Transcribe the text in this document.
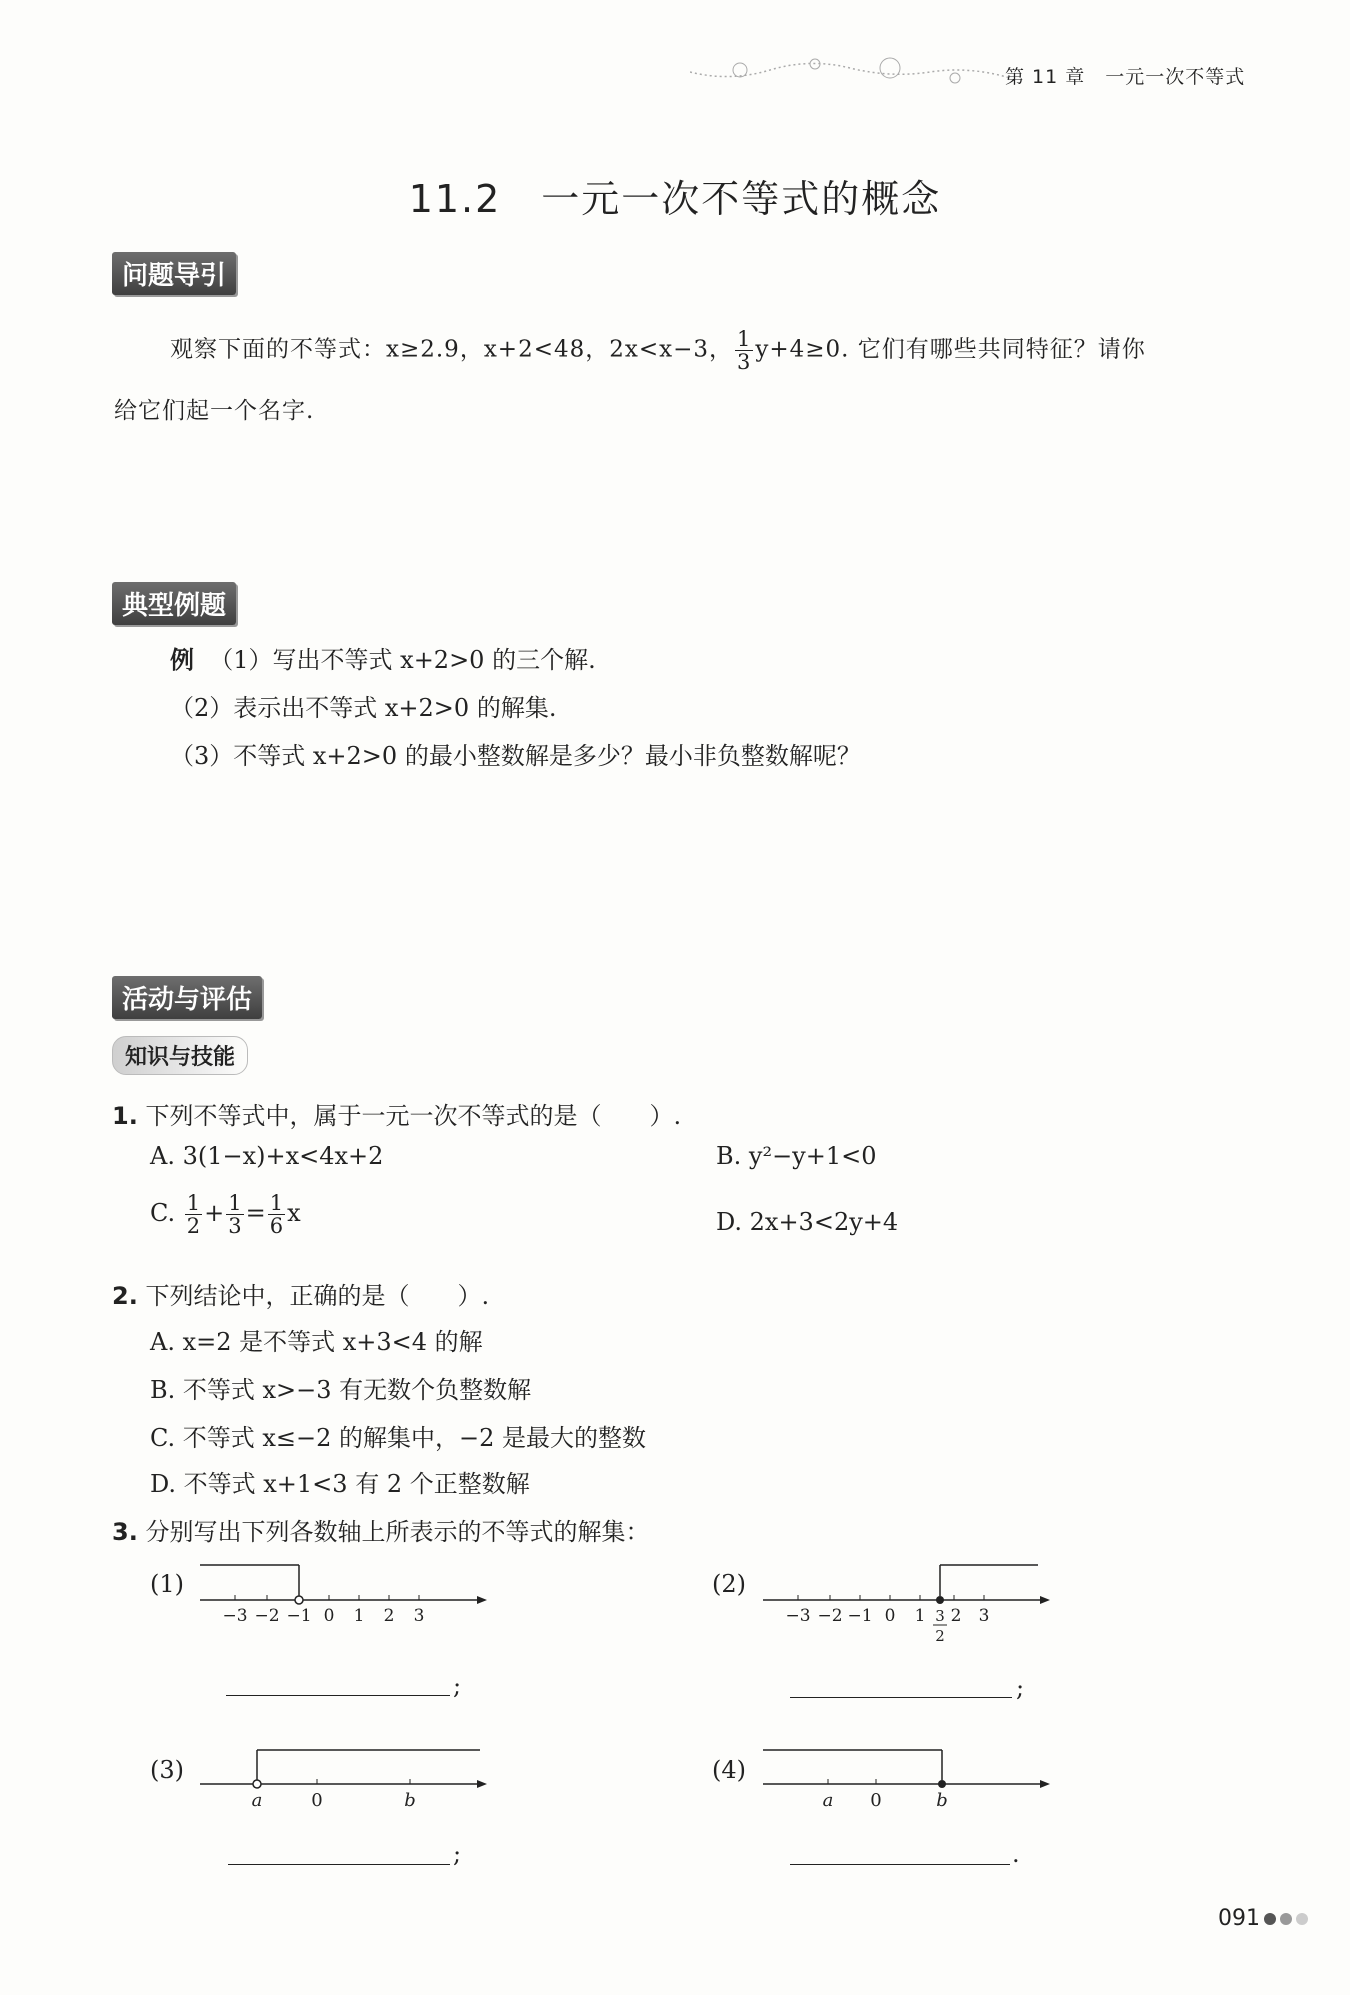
第 11 章　一元一次不等式
11.2　一元一次不等式的概念
问题导引
观察下面的不等式：x≥2.9，x+2<48，2x<x−3， $\frac{1}{3} y+4\ge 0$. 它们有哪些共同特征？请你
给它们起一个名字.
典型例题
例 （1）写出不等式 x+2>0 的三个解.
（2）表示出不等式 x+2>0 的解集.
（3）不等式 x+2>0 的最小整数解是多少？最小非负整数解呢？
活动与评估
知识与技能
1. 下列不等式中，属于一元一次不等式的是（　　）.
A. 3(1−x)+x<4x+2	B. y²−y+1<0
C. $\frac{1}{2} + \frac{1}{3} = \frac{1}{6}$ x	D. 2x+3<2y+4
2. 下列结论中，正确的是（　　）.
A. x=2 是不等式 x+3<4 的解
B. 不等式 x>−3 有无数个负整数解
C. 不等式 x≤−2 的解集中，−2 是最大的整数
D. 不等式 x+1<3 有 2 个正整数解
3. 分别写出下列各数轴上所表示的不等式的解集：
(1)
−3 −2 −1 0 1 2 3
;
(2)
−3 −2 −1 0 1 2 3
3
2
;
(3)
a	0	b
;
(4)
a 0	b
.
091
